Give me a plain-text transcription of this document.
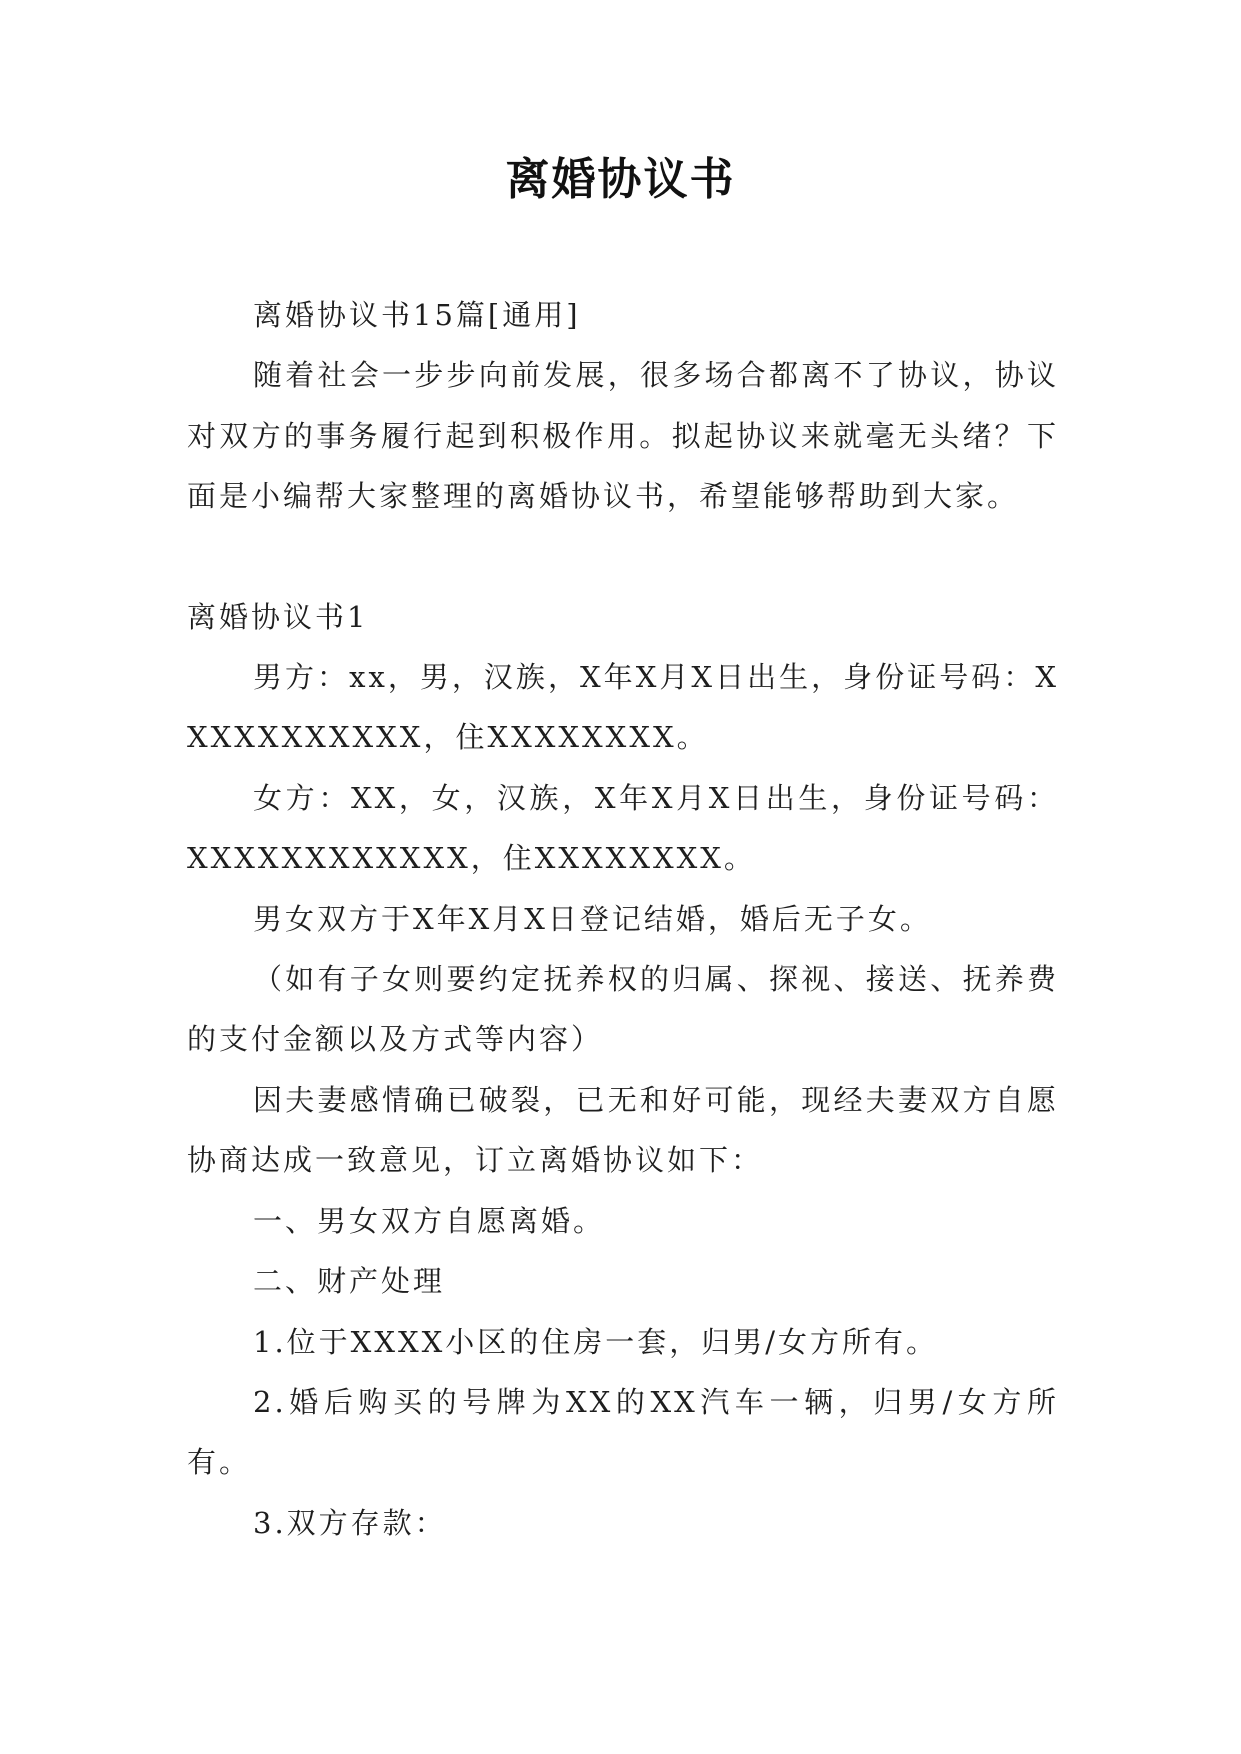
离婚协议书

离婚协议书15篇[通用]

随着社会一步步向前发展，很多场合都离不了协议，协议对双方的事务履行起到积极作用。拟起协议来就毫无头绪？下面是小编帮大家整理的离婚协议书，希望能够帮助到大家。

离婚协议书1

男方：xx，男，汉族，X年X月X日出生，身份证号码：XXXXXXXXXXX，住XXXXXXXX。

女方：XX，女，汉族，X年X月X日出生，身份证号码：XXXXXXXXXXXX，住XXXXXXXX。

男女双方于X年X月X日登记结婚，婚后无子女。

（如有子女则要约定抚养权的归属、探视、接送、抚养费的支付金额以及方式等内容）

因夫妻感情确已破裂，已无和好可能，现经夫妻双方自愿协商达成一致意见，订立离婚协议如下：

一、男女双方自愿离婚。

二、财产处理

1.位于XXXX小区的住房一套，归男/女方所有。

2.婚后购买的号牌为XX的XX汽车一辆，归男/女方所有。

3.双方存款：
